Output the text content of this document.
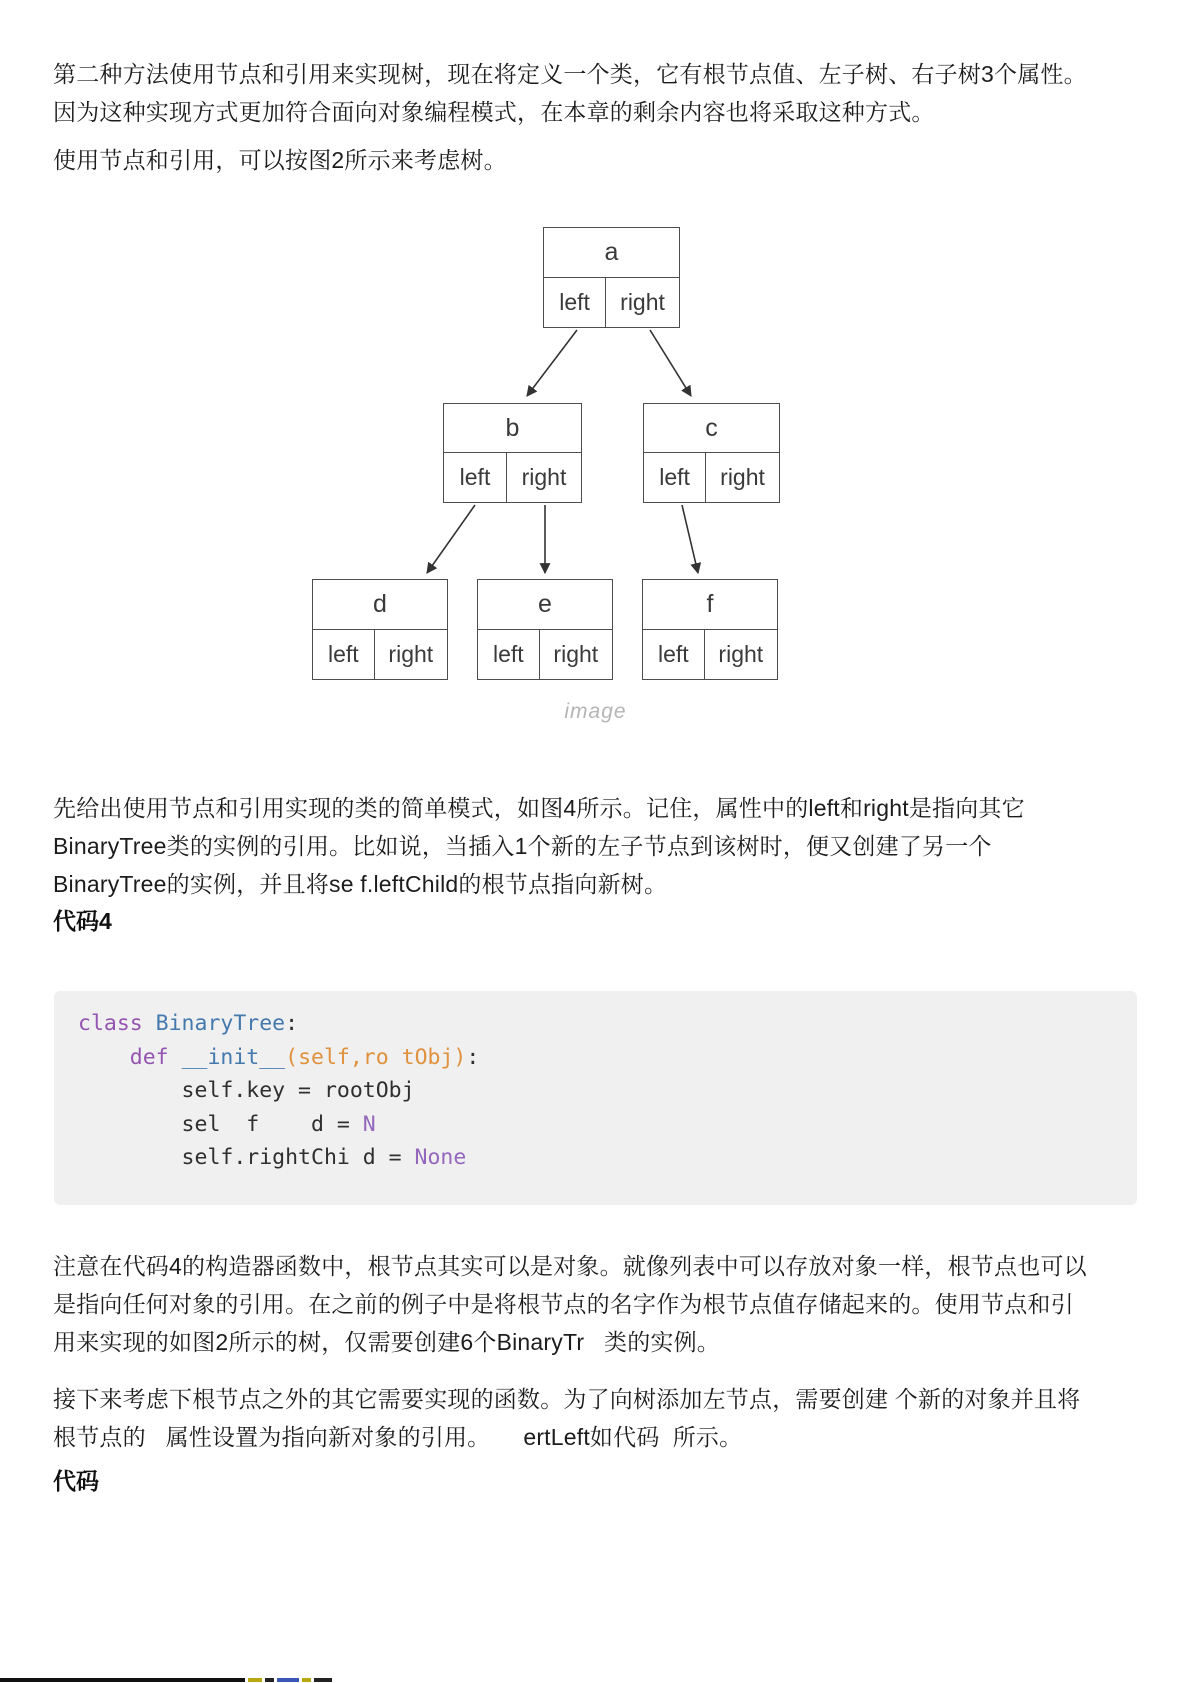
第二种方法使用节点和引用来实现树，现在将定义一个类，它有根节点值、左子树、右子树3个属性。
因为这种实现方式更加符合面向对象编程模式，在本章的剩余内容也将采取这种方式。
使用节点和引用，可以按图2所示来考虑树。
a
left	right
b
left	right
c
left	right
d
left	right
e
left	right
f
left	right
image
先给出使用节点和引用实现的类的简单模式，如图4所示。记住，属性中的left和right是指向其它
BinaryTree类的实例的引用。比如说，当插入1个新的左子节点到该树时，便又创建了另一个
BinaryTree的实例，并且将se f.leftChild的根节点指向新树。
代码4
class BinaryTree:
def __init__(self,ro tObj):
self.key = rootObj
sel  f    d = N
self.rightChi d = None
注意在代码4的构造器函数中，根节点其实可以是对象。就像列表中可以存放对象一样，根节点也可以
是指向任何对象的引用。在之前的例子中是将根节点的名字作为根节点值存储起来的。使用节点和引
用来实现的如图2所示的树，仅需要创建6个BinaryTr   类的实例。
接下来考虑下根节点之外的其它需要实现的函数。为了向树添加左节点，需要创建 个新的对象并且将
根节点的   属性设置为指向新对象的引用。     ertLeft如代码  所示。
代码
